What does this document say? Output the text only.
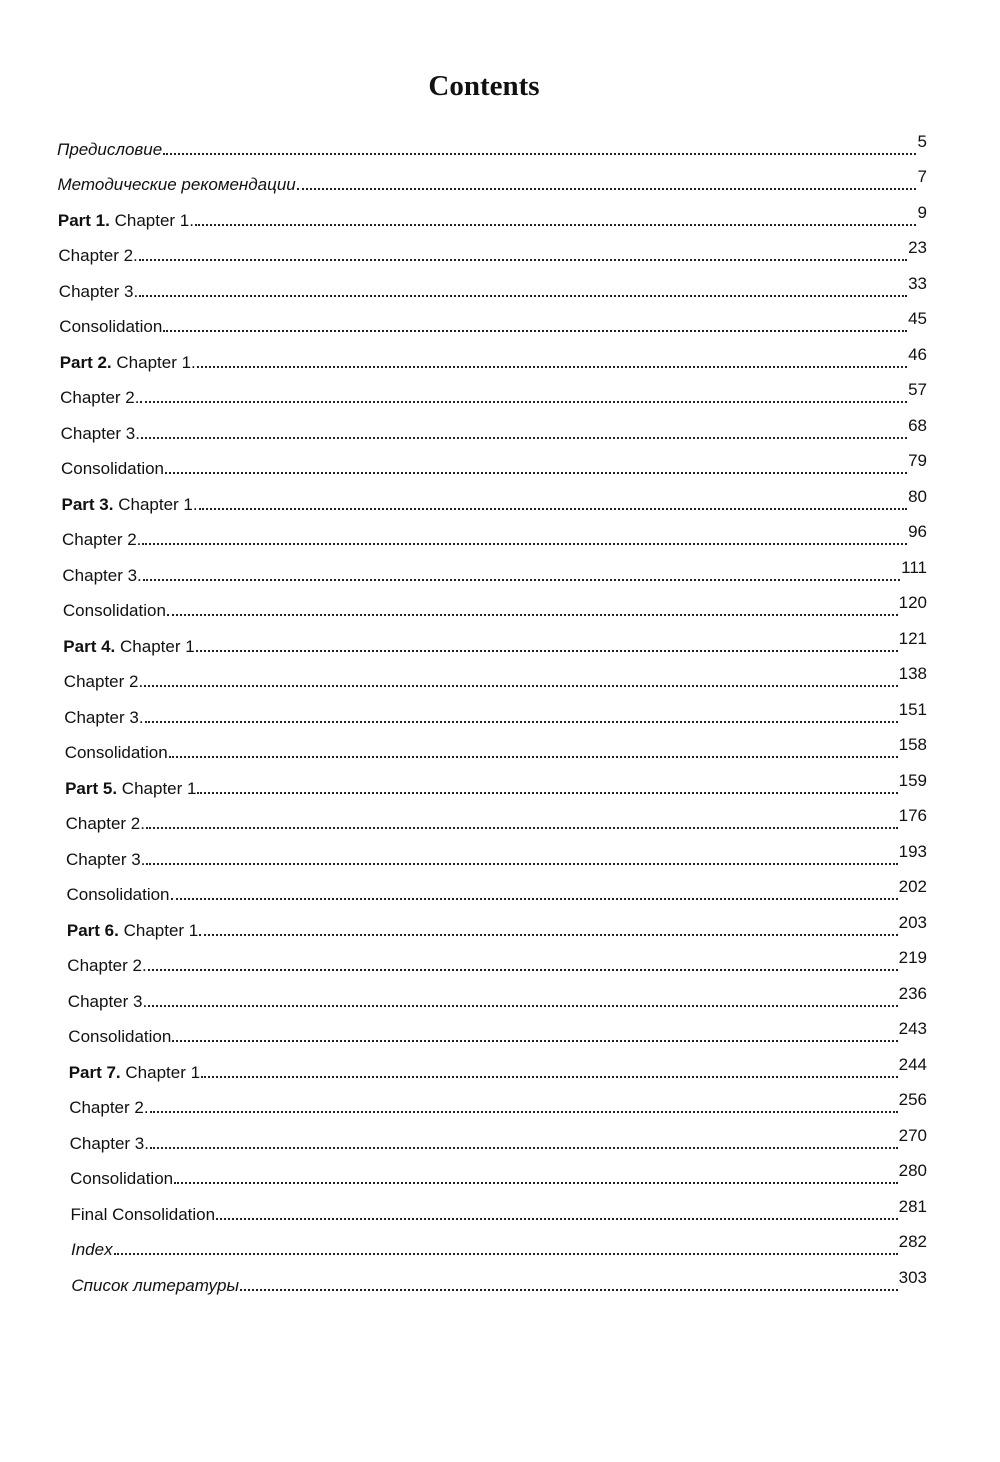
Contents
Предисловие	5
Методические рекомендации	7
Part 1. Chapter 1.	9
Chapter 2.	23
Chapter 3.	33
Consolidation	45
Part 2. Chapter 1.	46
Chapter 2.	57
Chapter 3.	68
Consolidation	79
Part 3. Chapter 1.	80
Chapter 2.	96
Chapter 3.	111
Consolidation	120
Part 4. Chapter 1	121
Chapter 2.	138
Chapter 3.	151
Consolidation	158
Part 5. Chapter 1	159
Chapter 2.	176
Chapter 3.	193
Consolidation	202
Part 6. Chapter 1	203
Chapter 2.	219
Chapter 3.	236
Consolidation	243
Part 7. Chapter 1	244
Chapter 2.	256
Chapter 3.	270
Consolidation	280
Final Consolidation	281
Index	282
Список литературы	303
